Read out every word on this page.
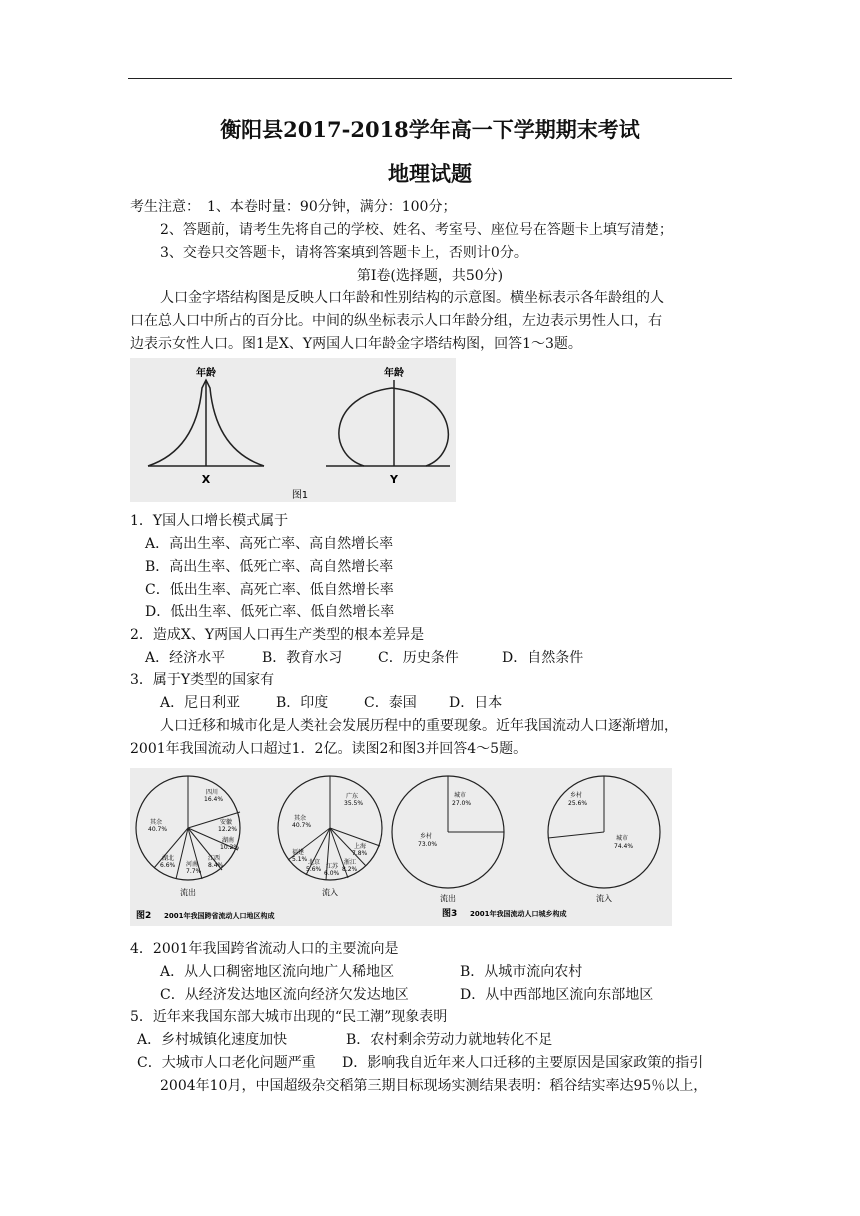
衡阳县2017-2018学年高一下学期期末考试
地理试题
考生注意：　1、本卷时量：90分钟，满分：100分；
2、答题前，请考生先将自己的学校、姓名、考室号、座位号在答题卡上填写清楚；
3、交卷只交答题卡，请将答案填到答题卡上，否则计0分。
第Ⅰ卷(选择题，共50分)
人口金字塔结构图是反映人口年龄和性别结构的示意图。横坐标表示各年龄组的人
口在总人口中所占的百分比。中间的纵坐标表示人口年龄分组，左边表示男性人口，右
边表示女性人口。图1是X、Y两国人口年龄金字塔结构图，回答1～3题。
年龄
X
年龄
Y
图1
1．Y国人口增长模式属于
A．高出生率、高死亡率、高自然增长率
B．高出生率、低死亡率、高自然增长率
C．低出生率、高死亡率、低自然增长率
D．低出生率、低死亡率、低自然增长率
2．造成X、Y两国人口再生产类型的根本差异是
A．经济水平	B．教育水习	C．历史条件	D．自然条件
3．属于Y类型的国家有
A．尼日利亚	B．印度	C．泰国 D．日本
人口迁移和城市化是人类社会发展历程中的重要现象。近年我国流动人口逐渐增加，
2001年我国流动人口超过1．2亿。读图2和图3并回答4～5题。
四川
16.4%
安徽
12.2%
湖南
10.2%
江西
8.4%
河南
7.7%
湖北
6.6%
其余
40.7%
流出
广东
35.5%
上海
7.8%
浙江
8.2%
江苏
6.0%
北京
5.6%
福建
5.1%
其余
40.7%
流入
城市
27.0%
乡村
73.0%
流出
乡村
25.6%
城市
74.4%
流入
图2 2001年我国跨省流动人口地区构成	图3 2001年我国流动人口城乡构成
4．2001年我国跨省流动人口的主要流向是
A．从人口稠密地区流向地广人稀地区	B．从城市流向农村
C．从经济发达地区流向经济欠发达地区	D．从中西部地区流向东部地区
5．近年来我国东部大城市出现的“民工潮”现象表明
A．乡村城镇化速度加快	B．农村剩余劳动力就地转化不足
C．大城市人口老化问题严重 D．影响我自近年来人口迁移的主要原因是国家政策的指引
2004年10月，中国超级杂交稻第三期目标现场实测结果表明：稻谷结实率达95％以上，
